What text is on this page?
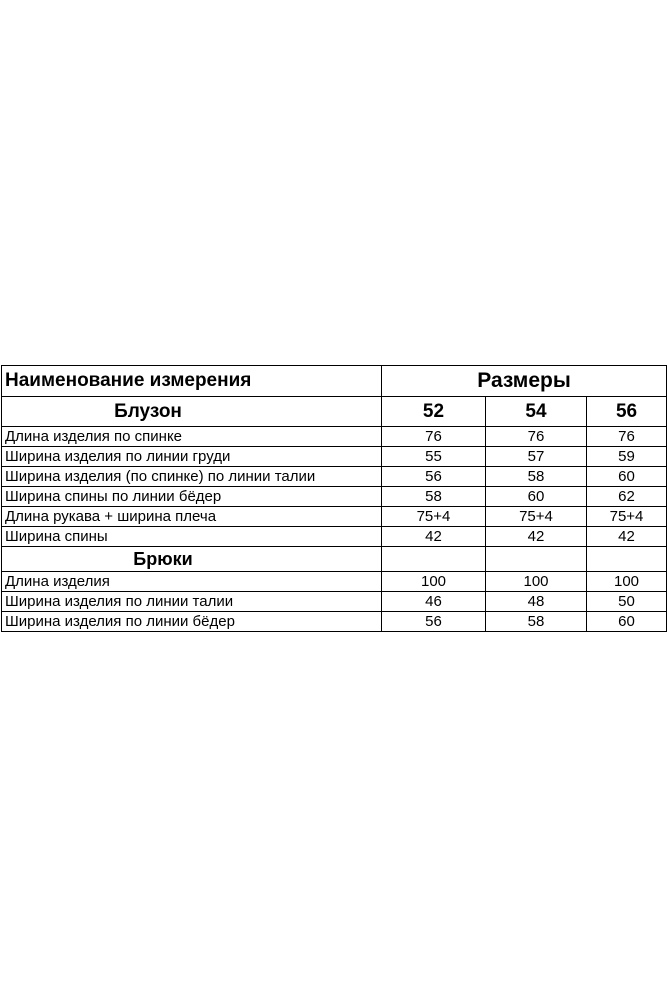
Наименование измерения	Размеры		
Блузон	52	54	56
Длина изделия по спинке	76	76	76
Ширина изделия по линии груди	55	57	59
Ширина изделия (по спинке) по линии талии	56	58	60
Ширина спины по линии бёдер	58	60	62
Длина рукава + ширина плеча	75+4	75+4	75+4
Ширина спины	42	42	42
Брюки			
Длина изделия	100	100	100
Ширина изделия по линии талии	46	48	50
Ширина изделия по линии бёдер	56	58	60
